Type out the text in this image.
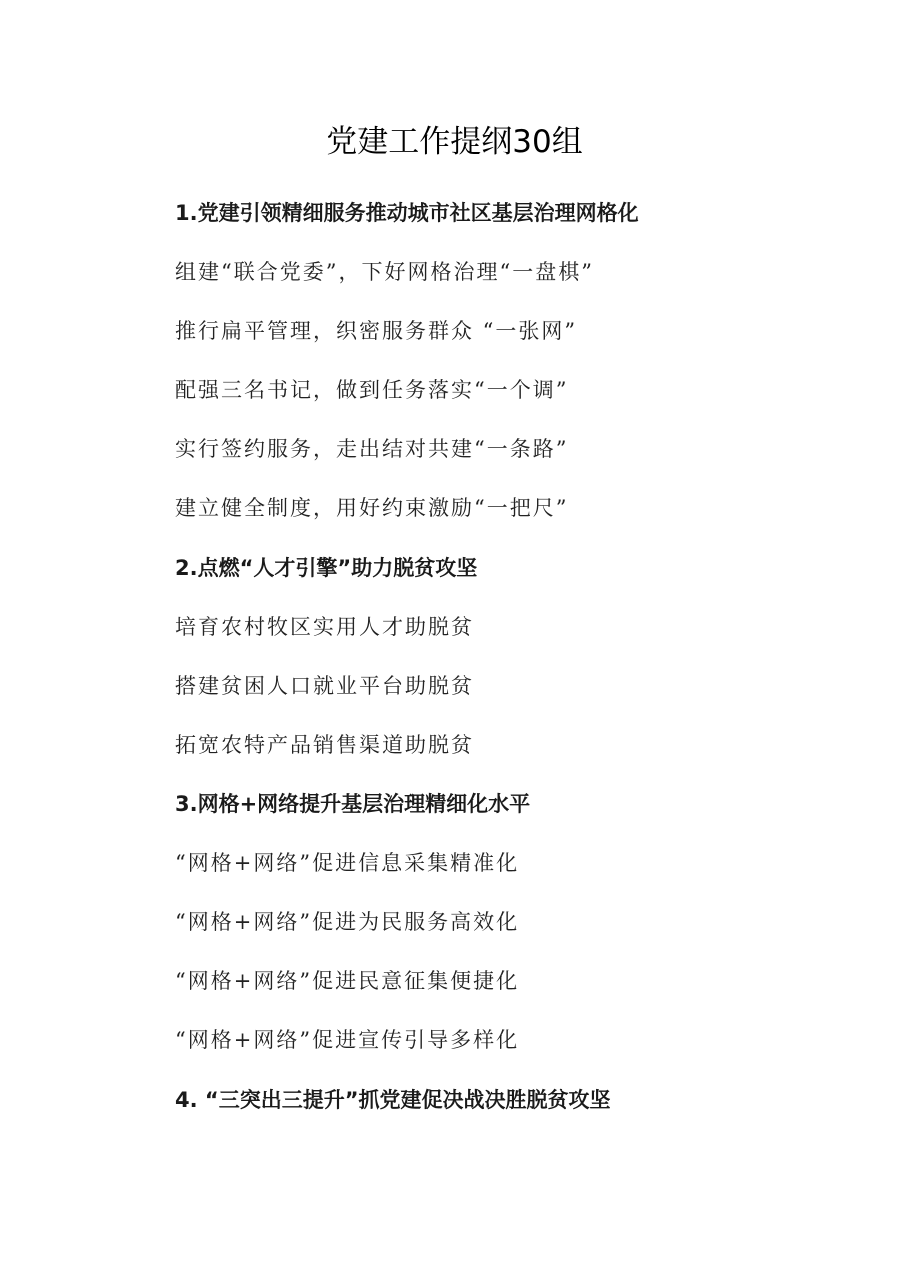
党建工作提纲30组
1.党建引领精细服务推动城市社区基层治理网格化
组建“联合党委”，下好网格治理“一盘棋”
推行扁平管理，织密服务群众 “一张网”
配强三名书记，做到任务落实“一个调”
实行签约服务，走出结对共建“一条路”
建立健全制度，用好约束激励“一把尺”
2.点燃“人才引擎”助力脱贫攻坚
培育农村牧区实用人才助脱贫
搭建贫困人口就业平台助脱贫
拓宽农特产品销售渠道助脱贫
3.网格+网络提升基层治理精细化水平
“网格+网络”促进信息采集精准化
“网格+网络”促进为民服务高效化
“网格+网络”促进民意征集便捷化
“网格+网络”促进宣传引导多样化
4. “三突出三提升”抓党建促决战决胜脱贫攻坚
